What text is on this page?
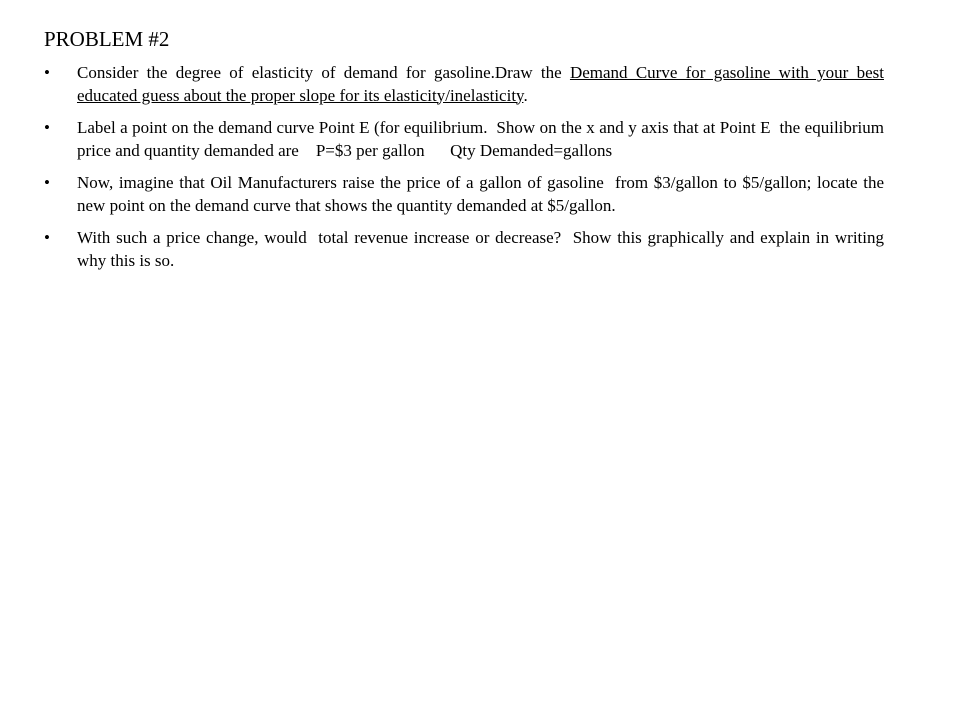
PROBLEM #2
• Consider the degree of elasticity of demand for gasoline.Draw the Demand Curve for gasoline with your best educated guess about the proper slope for its elasticity/inelasticity.
• Label a point on the demand curve Point E (for equilibrium.  Show on the x and y axis that at Point E  the equilibrium price and quantity demanded are    P=$3 per gallon      Qty Demanded=gallons
• Now, imagine that Oil Manufacturers raise the price of a gallon of gasoline  from $3/gallon to $5/gallon; locate the new point on the demand curve that shows the quantity demanded at $5/gallon.
• With such a price change, would  total revenue increase or decrease?  Show this graphically and explain in writing why this is so.
